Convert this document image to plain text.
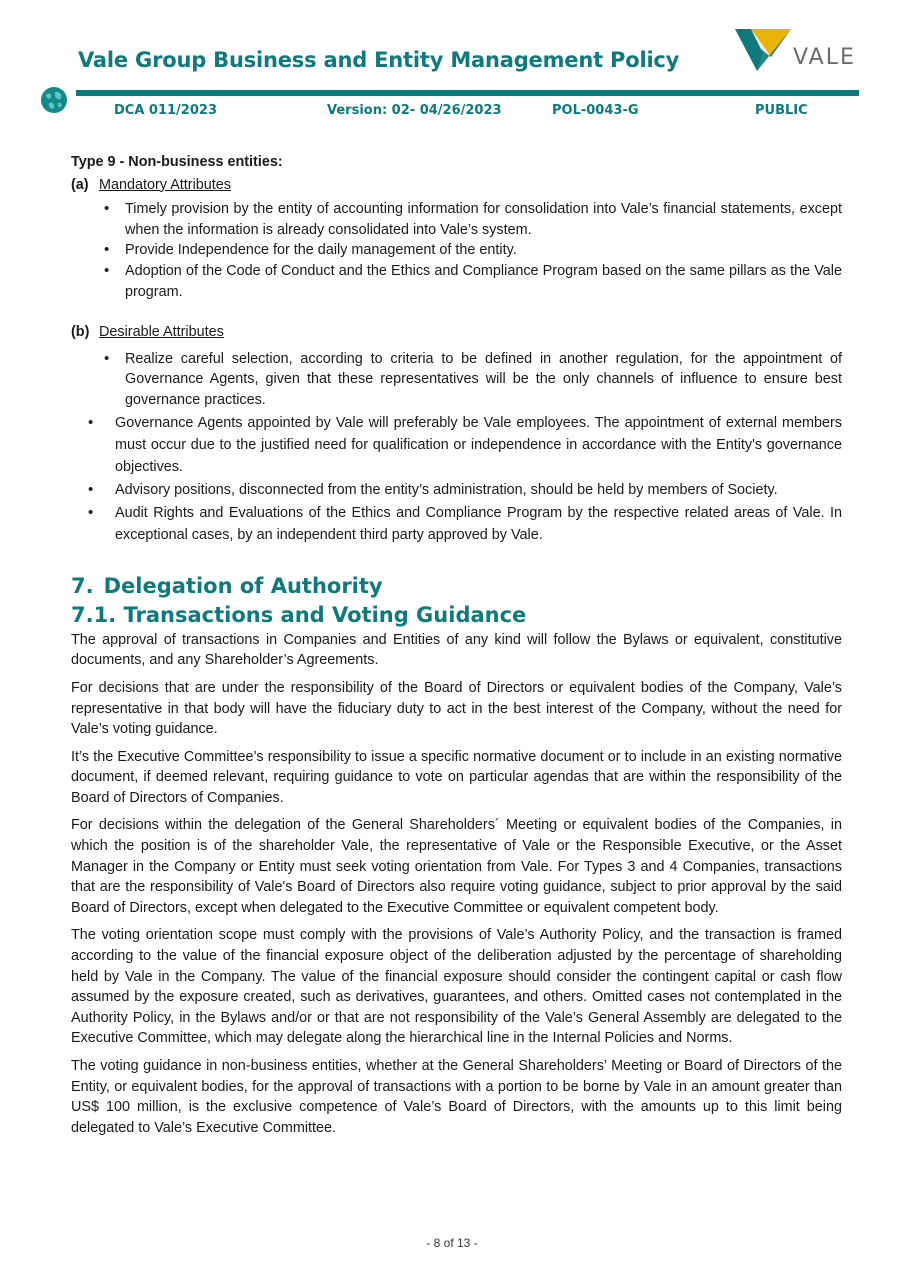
Vale Group Business and Entity Management Policy	VALE
DCA 011/2023	Version: 02- 04/26/2023	POL-0043-G	PUBLIC

Type 9 - Non-business entities:

(a) Mandatory Attributes

• Timely provision by the entity of accounting information for consolidation into Vale’s financial statements, except when the information is already consolidated into Vale’s system.
• Provide Independence for the daily management of the entity.
• Adoption of the Code of Conduct and the Ethics and Compliance Program based on the same pillars as the Vale program.

(b) Desirable Attributes

• Realize careful selection, according to criteria to be defined in another regulation, for the appointment of Governance Agents, given that these representatives will be the only channels of influence to ensure best governance practices.
• Governance Agents appointed by Vale will preferably be Vale employees. The appointment of external members must occur due to the justified need for qualification or independence in accordance with the Entity's governance objectives.
• Advisory positions, disconnected from the entity’s administration, should be held by members of Society.
• Audit Rights and Evaluations of the Ethics and Compliance Program by the respective related areas of Vale. In exceptional cases, by an independent third party approved by Vale.

7. Delegation of Authority

7.1. Transactions and Voting Guidance

The approval of transactions in Companies and Entities of any kind will follow the Bylaws or equivalent, constitutive documents, and any Shareholder’s Agreements.

For decisions that are under the responsibility of the Board of Directors or equivalent bodies of the Company, Vale’s representative in that body will have the fiduciary duty to act in the best interest of the Company, without the need for Vale’s voting guidance.

It’s the Executive Committee’s responsibility to issue a specific normative document or to include in an existing normative document, if deemed relevant, requiring guidance to vote on particular agendas that are within the responsibility of the Board of Directors of Companies.

For decisions within the delegation of the General Shareholders´ Meeting or equivalent bodies of the Companies, in which the position is of the shareholder Vale, the representative of Vale or the Responsible Executive, or the Asset Manager in the Company or Entity must seek voting orientation from Vale. For Types 3 and 4 Companies, transactions that are the responsibility of Vale's Board of Directors also require voting guidance, subject to prior approval by the said Board of Directors, except when delegated to the Executive Committee or equivalent competent body.

The voting orientation scope must comply with the provisions of Vale’s Authority Policy, and the transaction is framed according to the value of the financial exposure object of the deliberation adjusted by the percentage of shareholding held by Vale in the Company. The value of the financial exposure should consider the contingent capital or cash flow assumed by the exposure created, such as derivatives, guarantees, and others. Omitted cases not contemplated in the Authority Policy, in the Bylaws and/or or that are not responsibility of the Vale’s General Assembly are delegated to the Executive Committee, which may delegate along the hierarchical line in the Internal Policies and Norms.

The voting guidance in non-business entities, whether at the General Shareholders’ Meeting or Board of Directors of the Entity, or equivalent bodies, for the approval of transactions with a portion to be borne by Vale in an amount greater than US$ 100 million, is the exclusive competence of Vale’s Board of Directors, with the amounts up to this limit being delegated to Vale’s Executive Committee.

- 8 of 13 -
